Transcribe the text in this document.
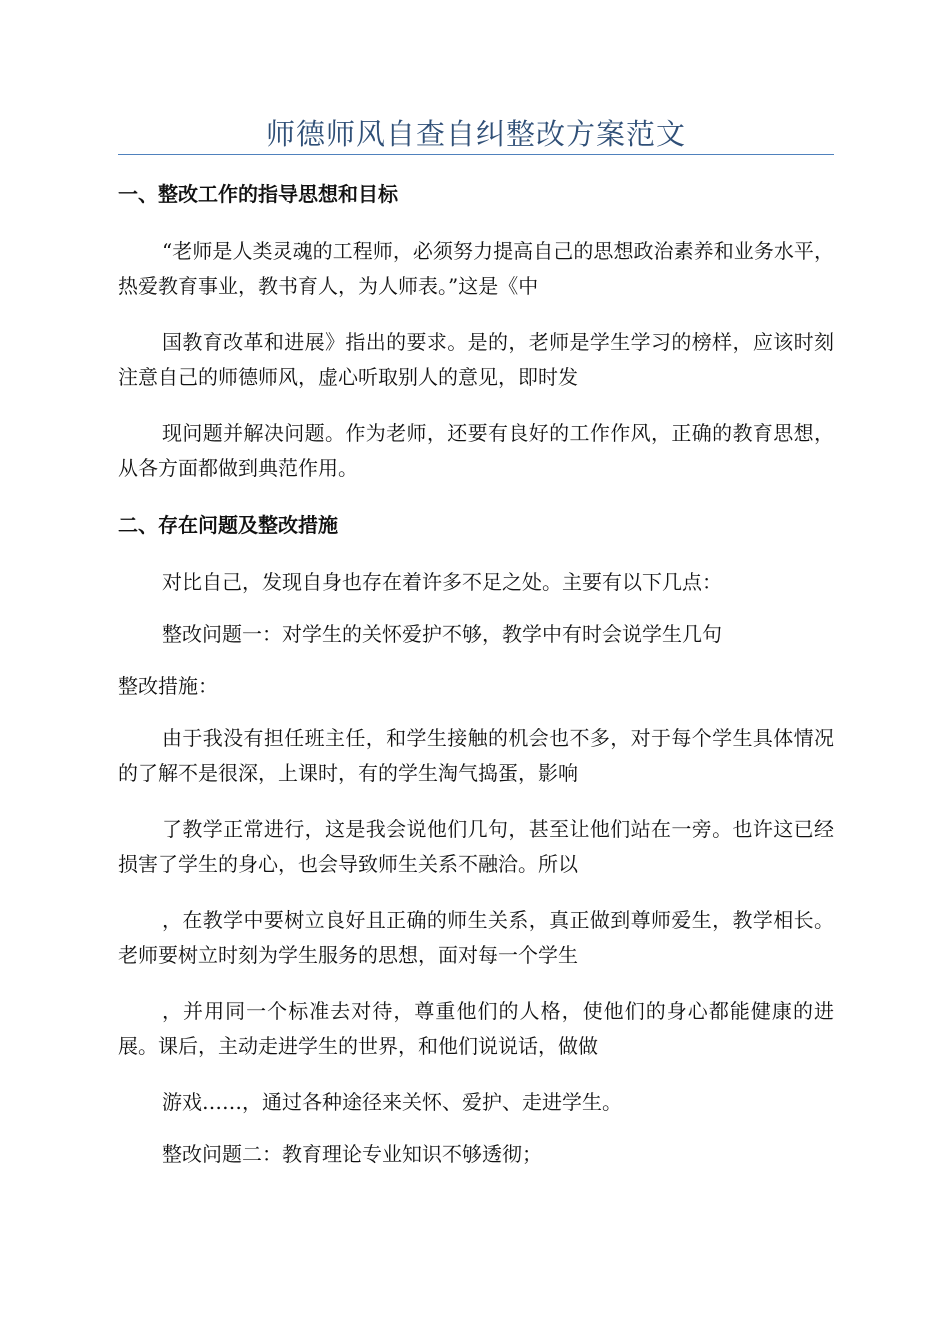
师德师风自查自纠整改方案范文
一、整改工作的指导思想和目标

“老师是人类灵魂的工程师，必须努力提高自己的思想政治素养和业务水平，热爱教育事业，教书育人，为人师表。”这是《中

国教育改革和进展》指出的要求。是的，老师是学生学习的榜样，应该时刻注意自己的师德师风，虚心听取别人的意见，即时发

现问题并解决问题。作为老师，还要有良好的工作作风，正确的教育思想，从各方面都做到典范作用。

二、存在问题及整改措施

对比自己，发现自身也存在着许多不足之处。主要有以下几点：

整改问题一：对学生的关怀爱护不够，教学中有时会说学生几句

整改措施：

由于我没有担任班主任，和学生接触的机会也不多，对于每个学生具体情况的了解不是很深，上课时，有的学生淘气捣蛋，影响

了教学正常进行，这是我会说他们几句，甚至让他们站在一旁。也许这已经损害了学生的身心，也会导致师生关系不融洽。所以

，在教学中要树立良好且正确的师生关系，真正做到尊师爱生，教学相长。老师要树立时刻为学生服务的思想，面对每一个学生

，并用同一个标准去对待，尊重他们的人格，使他们的身心都能健康的进展。课后，主动走进学生的世界，和他们说说话，做做

游戏……，通过各种途径来关怀、爱护、走进学生。

整改问题二：教育理论专业知识不够透彻；
